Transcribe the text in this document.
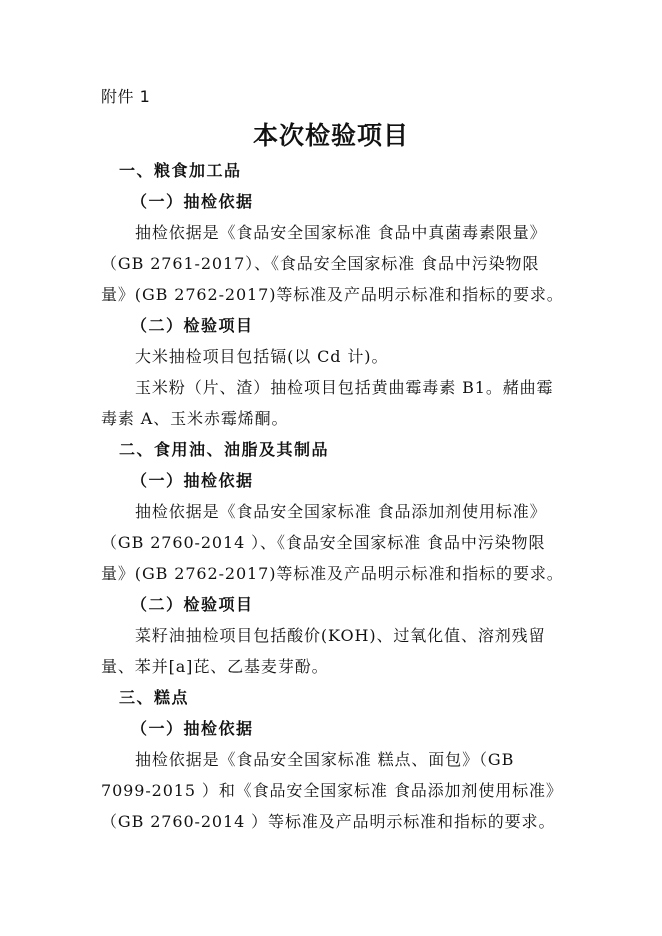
附件 1
本次检验项目
一、粮食加工品
（一）抽检依据
抽检依据是《食品安全国家标准 食品中真菌毒素限量》
（GB 2761-2017）、《食品安全国家标准 食品中污染物限
量》(GB 2762-2017)等标准及产品明示标准和指标的要求。
（二）检验项目
大米抽检项目包括镉(以 Cd 计)。
玉米粉（片、渣）抽检项目包括黄曲霉毒素 B1。赭曲霉
毒素 A、玉米赤霉烯酮。
二、食用油、油脂及其制品
（一）抽检依据
抽检依据是《食品安全国家标准 食品添加剂使用标准》
（GB 2760-2014 ）、《食品安全国家标准 食品中污染物限
量》(GB 2762-2017)等标准及产品明示标准和指标的要求。
（二）检验项目
菜籽油抽检项目包括酸价(KOH)、过氧化值、溶剂残留
量、苯并[a]芘、乙基麦芽酚。
三、糕点
（一）抽检依据
抽检依据是《食品安全国家标准 糕点、面包》（GB
7099-2015 ）和《食品安全国家标准 食品添加剂使用标准》
（GB 2760-2014 ）等标准及产品明示标准和指标的要求。
